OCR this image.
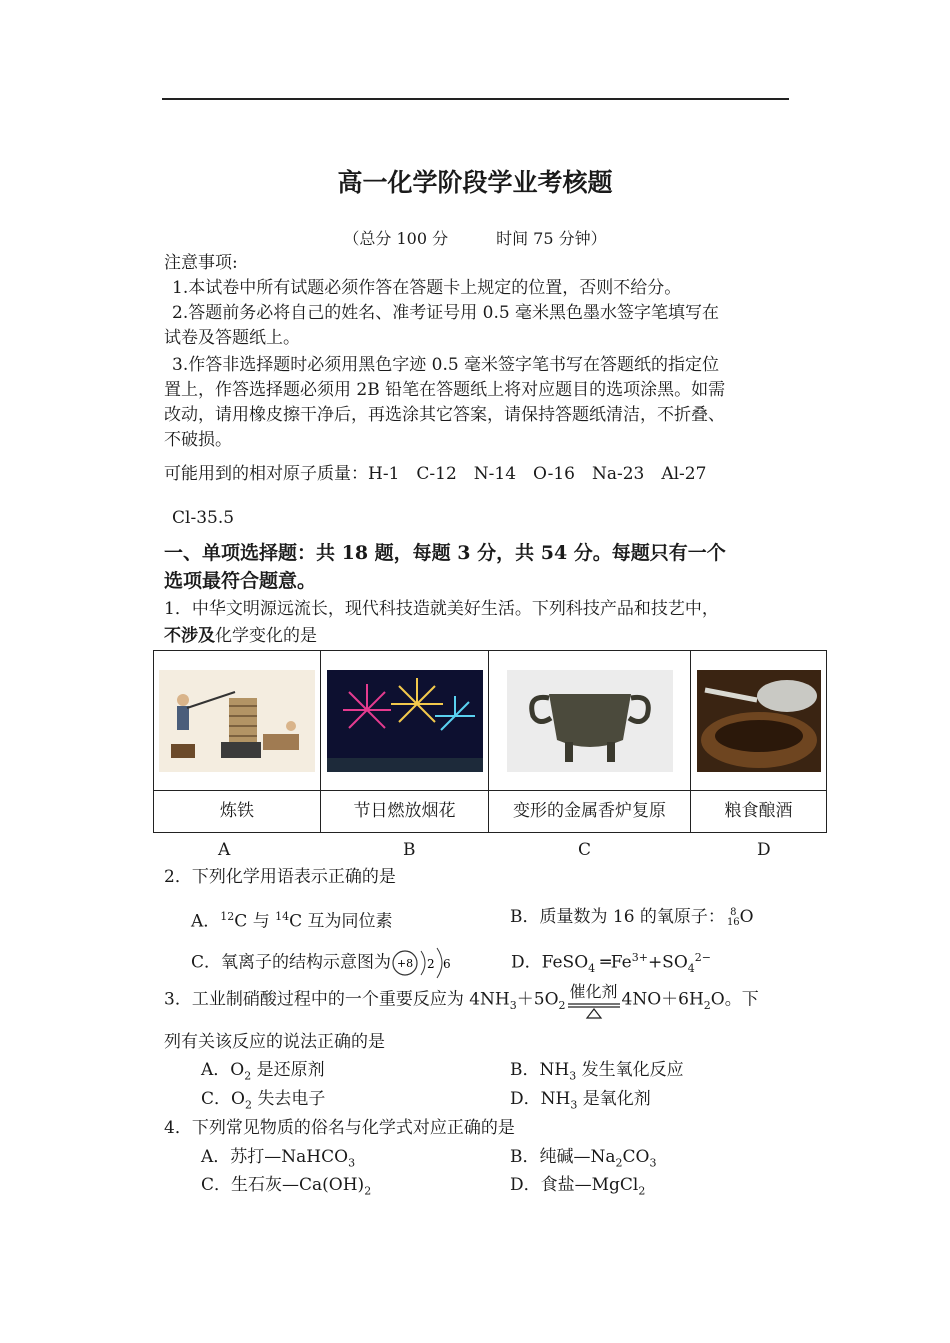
高一化学阶段学业考核题
（总分 100 分　　　时间 75 分钟）
注意事项:
1.本试卷中所有试题必须作答在答题卡上规定的位置，否则不给分。
2.答题前务必将自己的姓名、准考证号用 0.5 毫米黑色墨水签字笔填写在
试卷及答题纸上。
3.作答非选择题时必须用黑色字迹 0.5 毫米签字笔书写在答题纸的指定位
置上，作答选择题必须用 2B 铅笔在答题纸上将对应题目的选项涂黑。如需
改动，请用橡皮擦干净后，再选涂其它答案，请保持答题纸清洁，不折叠、
不破损。
可能用到的相对原子质量：H-1　C-12　N-14　O-16　Na-23　Al-27
Cl-35.5
一、单项选择题：共 18 题，每题 3 分，共 54 分。每题只有一个
选项最符合题意。
1．中华文明源远流长，现代科技造就美好生活。下列科技产品和技艺中，
不涉及化学变化的是

炼铁	节日燃放烟花	变形的金属香炉复原	粮食酿酒
A	B	C	D
2．下列化学用语表示正确的是
A．$^{12}$C 与 $^{14}$C 互为同位素	B．质量数为 16 的氧原子： 8
16 O
C．氧离子的结构示意图为 +8 2 6	D．FeSO$_4$ $═Fe^{3+}+SO_4^{2-}$
3．工业制硝酸过程中的一个重要反应为 $4NH_3+5O_2$
催化剂 $4NO+6H_2O$。下
列有关该反应的说法正确的是
A．$O_2$ 是还原剂	B．$NH_3$ 发生氧化反应
C．$O_2$ 失去电子	D．$NH_3$ 是氧化剂
4．下列常见物质的俗名与化学式对应正确的是
A．苏打—NaHCO$_3$	B．纯碱$—Na_2CO_3$
C．生石灰$—Ca(OH)_2$	D．食盐—MgCl$_2$
